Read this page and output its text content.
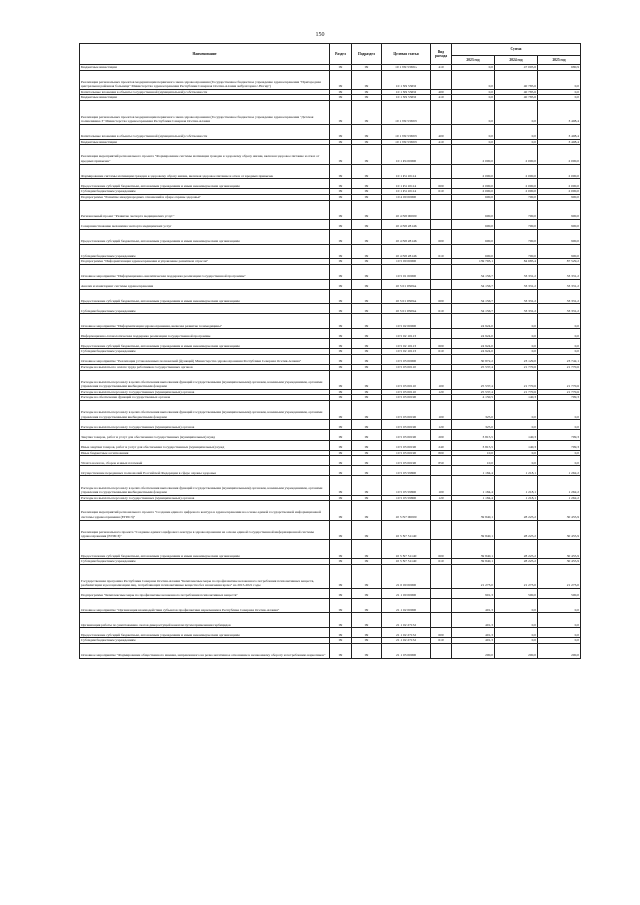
150
Наименование	Раздел	Подраздел	Целевая статья	Вид расхода	Сумма		
					2023 год	2024 год	2025 год
Бюджетные инвестиции	09	09	10 1 N9 5365G	410	0,0	47 005,6	680,9
Реализация региональных проектов модернизации первичного звена здравоохранения (Государственное бюджетное учреждение здравоохранения "Пригородная центральная районная больница" Министерства здравоохранения Республики Северная Осетия-Алания амбулатория с.Ногир")	09	09	10 1 N9 5365I		0,0	40 785,6	0,0
Капитальные вложения в объекты государственной (муниципальной) собственности	09	09	10 1 N9 5365I	400	0,0	40 785,6	0,0
Бюджетные инвестиции	09	09	10 1 N9 5365I	410	0,0	40 785,6	0,0
Реализация региональных проектов модернизации первичного звена здравоохранения (Государственное бюджетное учреждение здравоохранения "Детская поликлиника 3" Министерства здравоохранения Республики Северная Осетия-Алания	09	09	10 1 N9 5365N		0,0	0,0	3 408,4
Капитальные вложения в объекты государственной (муниципальной) собственности	09	09	10 1 N9 5365N	400	0,0	0,0	3 408,4
Бюджетные инвестиции	09	09	10 1 N9 5365N	410	0,0	0,0	3 408,4
Реализация мероприятий регионального проекта "Формирование системы мотивации граждан к здоровому образу жизни, включая здоровое питание и отказ от вредных привычек"	09	09	10 1 P4 00000		2 000,0	2 000,0	2 000,0
Формирование системы мотивации граждан к здоровому образу жизни, включая здоровое питание и отказ от вредных привычек	09	09	10 1 P4 10114		2 000,0	2 000,0	2 000,0
Предоставление субсидий бюджетным, автономным учреждениям и иным некоммерческим организациям	09	09	10 1 P4 10114	600	2 000,0	2 000,0	2 000,0
Субсидии бюджетным учреждениям	09	09	10 1 P4 10114	610	2 000,0	2 000,0	2 000,0
Подпрограмма "Развитие международных отношений в сфере охраны здоровья"	09	09	10 4 00 00000		600,0	700,0	900,0
Региональный проект "Развитие экспорта медицинских услуг"	09	09	10 4 N8 00000		600,0	700,0	900,0
Совершенствование механизма экспорта медицинских услуг	09	09	10 4 N8 28146		600,0	700,0	900,0
Предоставление субсидий бюджетным, автономным учреждениям и иным некоммерческим организациям	09	09	10 4 N8 28146	600	600,0	700,0	900,0
Субсидии бюджетным учреждениям	09	09	10 4 N8 28146	610	600,0	700,0	900,0
Подпрограмма "Информатизация здравоохранения и управление развитием отрасли"	09	09	10 5 00 00000		139 793,1	84 685,4	87 529,2
Основное мероприятие "Информационно-аналитическая поддержка реализации государственной программы"	09	09	10 5 01 00000		34 156,7	33 331,2	33 331,2
Анализ и мониторинг системы здравоохранения	09	09	10 5 01 0509A		34 156,7	33 331,2	33 331,2
Предоставление субсидий бюджетным, автономным учреждениям и иным некоммерческим организациям	09	09	10 5 01 0509A	600	34 156,7	33 331,2	33 331,2
Субсидии бюджетным учреждениям	09	09	10 5 01 0509A	610	34 156,7	33 331,2	33 331,2
Основное мероприятие "Информатизация здравоохранения, включая развитие телемедицины"	09	09	10 5 02 00000		24 924,0	0,0	0,0
Информационно-технологическая поддержка реализации государственной программы	09	09	10 5 02 10113		24 924,0	0,0	0,0
Предоставление субсидий бюджетным, автономным учреждениям и иным некоммерческим организациям	09	09	10 5 02 10113	600	24 924,0	0,0	0,0
Субсидии бюджетным учреждениям	09	09	10 5 02 10113	610	24 924,0	0,0	0,0
Основное мероприятие "Реализация установленных полномочий (функций) Министерства здравоохранения Республики Северная Осетия-Алания"	09	09	10 5 03 00000		30 872,2	23 129,0	23 742,1
Расходы на выплаты по оплате труда работников государственных органов	09	09	10 5 03 00110		25 537,4	21 770,6	21 770,6
Расходы на выплаты персоналу в целях обеспечения выполнения функций государственными (муниципальными) органами, казенными учреждениями, органами управления государственными внебюджетными фондами	09	09	10 5 03 00110	100	25 537,4	21 770,6	21 770,6
Расходы на выплаты персоналу государственных (муниципальных) органов	09	09	10 5 03 00110	120	25 537,4	21 770,6	21 770,6
Расходы на обеспечение функций государственных органов	09	09	10 5 03 00190		4 150,5	140,3	709,3
Расходы на выплаты персоналу в целях обеспечения выполнения функций государственными (муниципальными) органами, казенными учреждениями, органами управления государственными внебюджетными фондами	09	09	10 5 03 00190	100	325,0	0,0	0,0
Расходы на выплаты персоналу государственных (муниципальных) органов	09	09	10 5 03 00190	120	325,0	0,0	0,0
Закупка товаров, работ и услуг для обеспечения государственных (муниципальных) нужд	09	09	10 5 03 00190	200	3 815,5	140,3	709,3
Иные закупки товаров, работ и услуг для обеспечения государственных (муниципальных) нужд	09	09	10 5 03 00190	240	3 815,5	140,3	709,3
Иные бюджетные ассигнования	09	09	10 5 03 00190	800	10,0	0,0	0,0
Уплата налогов, сборов и иных платежей	09	09	10 5 03 00190	850	10,0	0,0	0,0
Осуществление переданных полномочий Российской Федерации в сфере охраны здоровья	09	09	10 5 03 59800		1 184,4	1 218,1	1 262,2
Расходы на выплаты персоналу в целях обеспечения выполнения функций государственными (муниципальными) органами, казенными учреждениями, органами управления государственными внебюджетными фондами	09	09	10 5 03 59800	100	1 184,4	1 218,1	1 262,2
Расходы на выплаты персоналу государственных (муниципальных) органов	09	09	10 5 03 59800	120	1 184,4	1 218,1	1 262,2
Реализация мероприятий регионального проекта "Создание единого цифрового контура в здравоохранении на основе единой государственной информационной системы здравоохранения (ЕГИСЗ)"	09	09	10 5 N7 00000		39 840,1	28 225,2	30 455,9
Реализация регионального проекта "Создание единого цифрового контура в здравоохранении на основе единой государственной информационной системы здравоохранения (ЕГИСЗ)"	09	09	10 5 N7 51140		39 840,1	28 225,2	30 455,9
Предоставление субсидий бюджетным, автономным учреждениям и иным некоммерческим организациям	09	09	10 5 N7 51140	600	39 840,1	28 225,2	30 455,9
Субсидии бюджетным учреждениям	09	09	10 5 N7 51140	610	39 840,1	28 225,2	30 455,9
Государственная программа Республики Северная Осетия-Алания "Комплексные меры по профилактике незаконного потребления психоактивных веществ, реабилитации и ресоциализации лиц, потребляющих психоактивные вещества без назначения врача" на 2015-2021 годы	09	09	21 0 00 00000		21 273,0	21 273,0	21 273,0
Подпрограмма "Комплексные меры по профилактике незаконного потребления психоактивных веществ"	09	09	21 1 00 00000		901,3	500,0	500,0
Основное мероприятие "Организация взаимодействия субъектов профилактики наркомании в Республике Северная Осетия-Алания"	09	09	21 1 02 00000		401,3	0,0	0,0
Организация работы по уничтожению очагов дикорастущей конопли путем применения гербицидов	09	09	21 1 02 27152		401,3	0,0	0,0
Предоставление субсидий бюджетным, автономным учреждениям и иным некоммерческим организациям	09	09	21 1 02 27152	600	401,3	0,0	0,0
Субсидии бюджетным учреждениям	09	09	21 1 02 27152	610	401,3	0,0	0,0
Основное мероприятие "Формирование общественного мнения, направленного на резко негативное отношение к незаконному обороту и потреблению наркотиков"	09	09	21 1 03 00000		200,0	200,0	200,0
